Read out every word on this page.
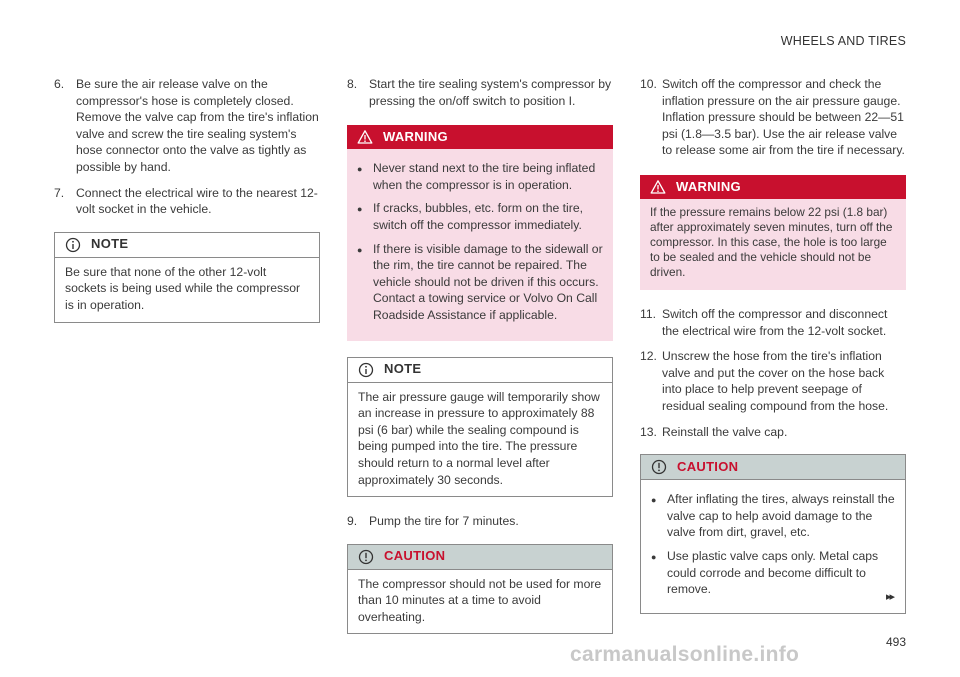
WHEELS AND TIRES
6. Be sure the air release valve on the compressor's hose is completely closed. Remove the valve cap from the tire's inflation valve and screw the tire sealing system's hose connector onto the valve as tightly as possible by hand.
7. Connect the electrical wire to the nearest 12-volt socket in the vehicle.
NOTE
Be sure that none of the other 12-volt sockets is being used while the compressor is in operation.
8. Start the tire sealing system's compressor by pressing the on/off switch to position I.
WARNING
● Never stand next to the tire being inflated when the compressor is in operation.
● If cracks, bubbles, etc. form on the tire, switch off the compressor immediately.
● If there is visible damage to the sidewall or the rim, the tire cannot be repaired. The vehicle should not be driven if this occurs. Contact a towing service or Volvo On Call Roadside Assistance if applicable.
NOTE
The air pressure gauge will temporarily show an increase in pressure to approximately 88 psi (6 bar) while the sealing compound is being pumped into the tire. The pressure should return to a normal level after approximately 30 seconds.
9. Pump the tire for 7 minutes.
CAUTION
The compressor should not be used for more than 10 minutes at a time to avoid overheating.
10. Switch off the compressor and check the inflation pressure on the air pressure gauge. Inflation pressure should be between 22—51 psi (1.8—3.5 bar). Use the air release valve to release some air from the tire if necessary.
WARNING
If the pressure remains below 22 psi (1.8 bar) after approximately seven minutes, turn off the compressor. In this case, the hole is too large to be sealed and the vehicle should not be driven.
11. Switch off the compressor and disconnect the electrical wire from the 12-volt socket.
12. Unscrew the hose from the tire's inflation valve and put the cover on the hose back into place to help prevent seepage of residual sealing compound from the hose.
13. Reinstall the valve cap.
CAUTION
● After inflating the tires, always reinstall the valve cap to help avoid damage to the valve from dirt, gravel, etc.
● Use plastic valve caps only. Metal caps could corrode and become difficult to remove.
▸▸
493
carmanualsonline.info
